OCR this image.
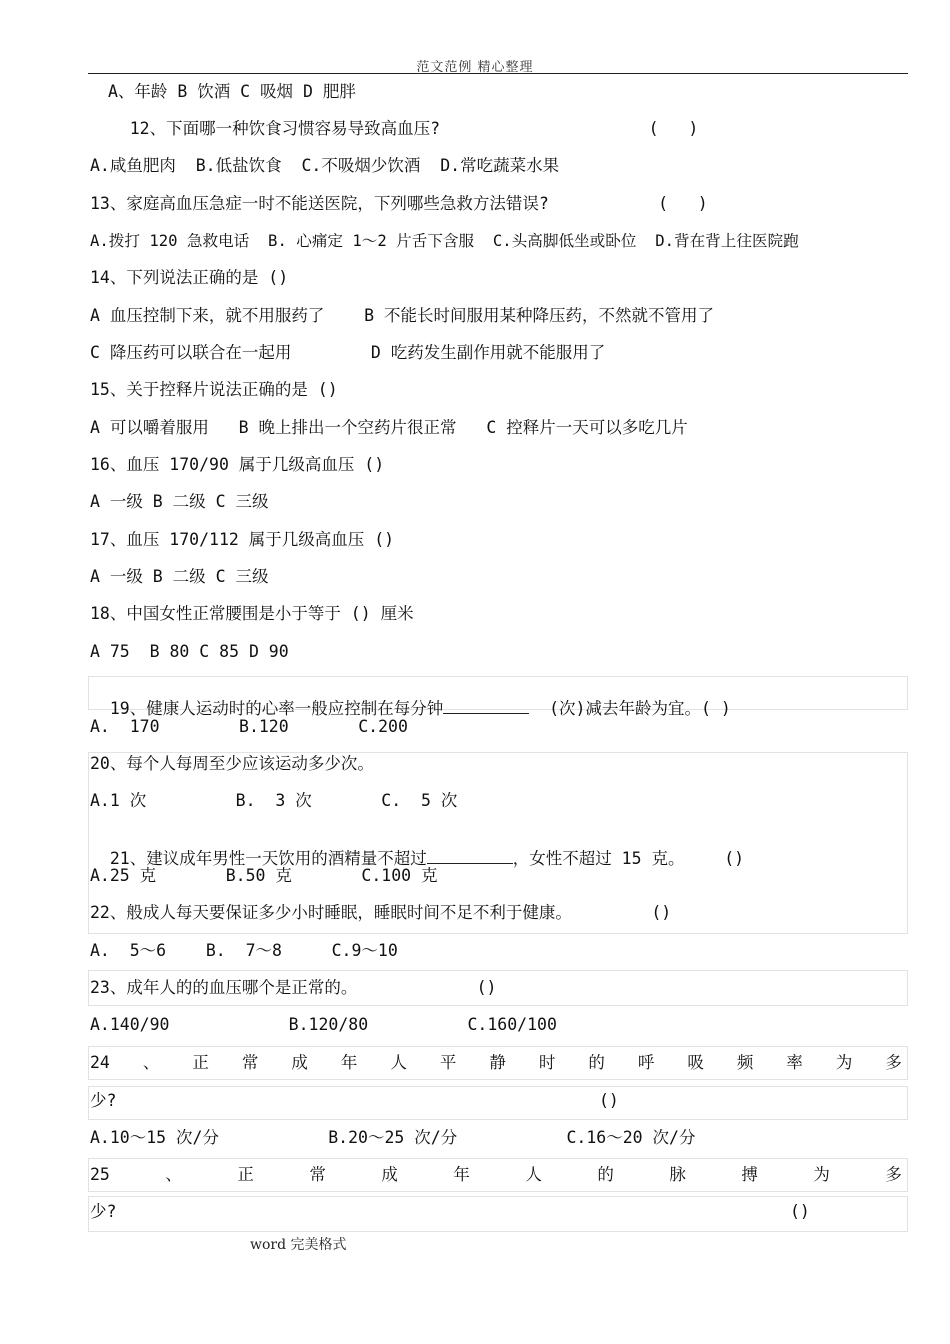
范文范例 精心整理
A、年龄 B 饮酒 C 吸烟 D 肥胖
12、下面哪一种饮食习惯容易导致高血压?                     (   )
A.咸鱼肥肉  B.低盐饮食  C.不吸烟少饮酒  D.常吃蔬菜水果
13、家庭高血压急症一时不能送医院，下列哪些急救方法错误?           (   )
A.拨打 120 急救电话  B. 心痛定 1～2 片舌下含服  C.头高脚低坐或卧位  D.背在背上往医院跑
14、下列说法正确的是 ()
A 血压控制下来，就不用服药了    B 不能长时间服用某种降压药，不然就不管用了
C 降压药可以联合在一起用        D 吃药发生副作用就不能服用了
15、关于控释片说法正确的是 ()
A 可以嚼着服用   B 晚上排出一个空药片很正常   C 控释片一天可以多吃几片
16、血压 170/90 属于几级高血压 ()
A 一级 B 二级 C 三级
17、血压 170/112 属于几级高血压 ()
A 一级 B 二级 C 三级
18、中国女性正常腰围是小于等于 () 厘米
A 75  B 80 C 85 D 90

19、健康人运动时的心率一般应控制在每分钟	(次)减去年龄为宜。( )

A.  170        B.120       C.200
20、每个人每周至少应该运动多少次。
A.1 次         B.  3 次       C.  5 次

21、建议成年男性一天饮用的酒精量不超过	，女性不超过 15 克。    ()

A.25 克       B.50 克       C.100 克
22、般成人每天要保证多少小时睡眠，睡眠时间不足不利于健康。        ()
A.  5～6    B.  7～8     C.9～10
23、成年人的的血压哪个是正常的。            ()
A.140/90            B.120/80          C.160/100
24 、 正 常 成 年 人 平 静 时 的 呼 吸 频 率 为 多
少?	()
A.10～15 次/分           B.20～25 次/分           C.16～20 次/分
25	、	正	常	成	年	人	的	脉	搏	为	多
少?	()
word 完美格式
